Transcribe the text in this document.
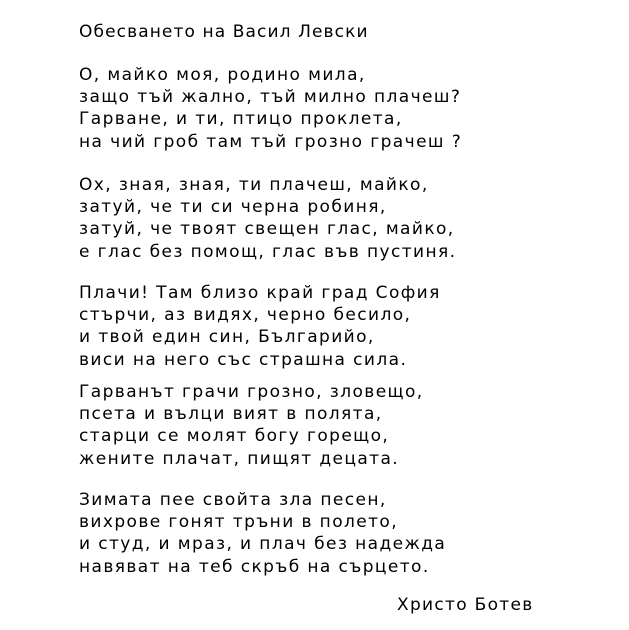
Обесването на Васил Левски
О, майко моя, родино мила,
защо тъй жално, тъй милно плачеш?
Гарване, и ти, птицо проклета,
на чий гроб там тъй грозно грачеш ?
Ох, зная, зная, ти плачеш, майко,
затуй, че ти си черна робиня,
затуй, че твоят свещен глас, майко,
е глас без помощ, глас във пустиня.
Плачи! Там близо край град София
стърчи, аз видях, черно бесило,
и твой един син, Българийо,
виси на него със страшна сила.
Гарванът грачи грозно, зловещо,
псета и вълци вият в полята,
старци се молят богу горещо,
жените плачат, пищят децата.
Зимата пее свойта зла песен,
вихрове гонят тръни в полето,
и студ, и мраз, и плач без надежда
навяват на теб скръб на сърцето.
Христо Ботев
